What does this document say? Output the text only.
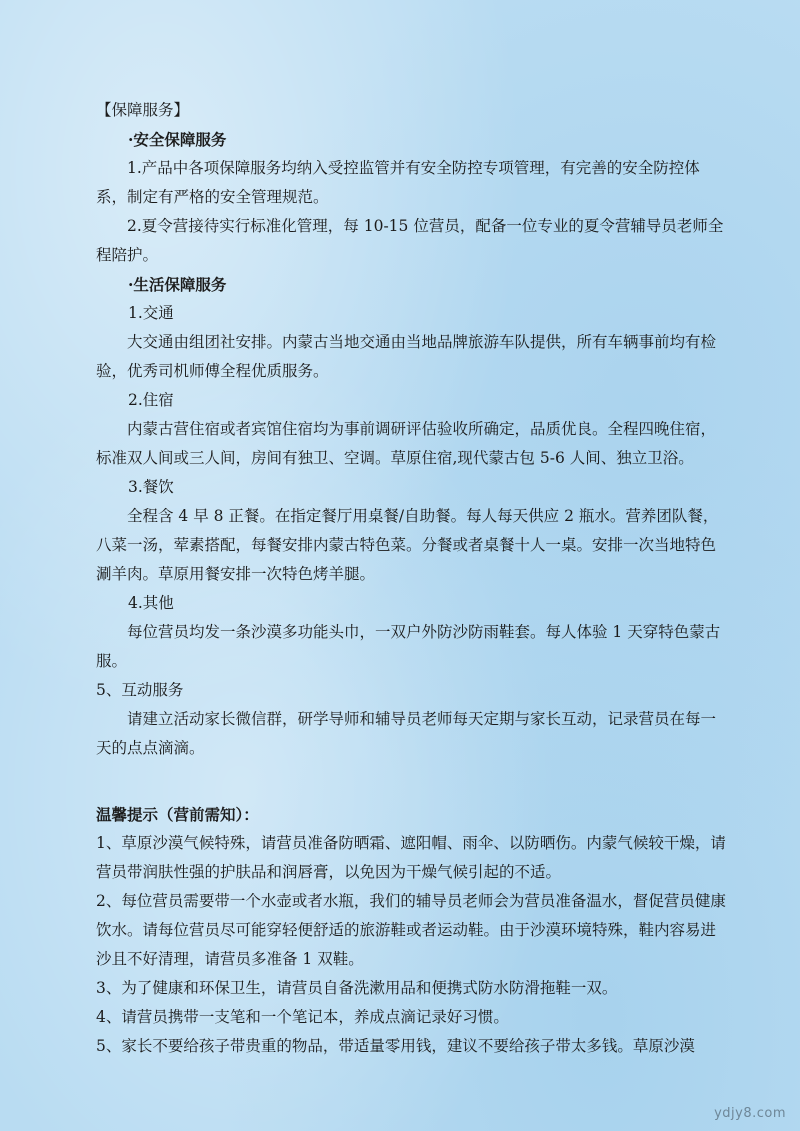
【保障服务】

·安全保障服务

1.产品中各项保障服务均纳入受控监管并有安全防控专项管理，有完善的安全防控体系，制定有严格的安全管理规范。

2.夏令营接待实行标准化管理，每 10-15 位营员，配备一位专业的夏令营辅导员老师全程陪护。

·生活保障服务

1.交通

大交通由组团社安排。内蒙古当地交通由当地品牌旅游车队提供，所有车辆事前均有检验，优秀司机师傅全程优质服务。

2.住宿

内蒙古营住宿或者宾馆住宿均为事前调研评估验收所确定，品质优良。全程四晚住宿，标准双人间或三人间，房间有独卫、空调。草原住宿,现代蒙古包 5-6 人间、独立卫浴。

3.餐饮

全程含 4 早 8 正餐。在指定餐厅用桌餐/自助餐。每人每天供应 2 瓶水。营养团队餐，八菜一汤，荤素搭配，每餐安排内蒙古特色菜。分餐或者桌餐十人一桌。安排一次当地特色涮羊肉。草原用餐安排一次特色烤羊腿。

4.其他

每位营员均发一条沙漠多功能头巾，一双户外防沙防雨鞋套。每人体验 1 天穿特色蒙古服。

5、互动服务

请建立活动家长微信群，研学导师和辅导员老师每天定期与家长互动，记录营员在每一天的点点滴滴。

温馨提示（营前需知）：

1、草原沙漠气候特殊，请营员准备防晒霜、遮阳帽、雨伞、以防晒伤。内蒙气候较干燥，请营员带润肤性强的护肤品和润唇膏，以免因为干燥气候引起的不适。

2、每位营员需要带一个水壶或者水瓶，我们的辅导员老师会为营员准备温水，督促营员健康饮水。请每位营员尽可能穿轻便舒适的旅游鞋或者运动鞋。由于沙漠环境特殊，鞋内容易进沙且不好清理，请营员多准备 1 双鞋。

3、为了健康和环保卫生，请营员自备洗漱用品和便携式防水防滑拖鞋一双。

4、请营员携带一支笔和一个笔记本，养成点滴记录好习惯。

5、家长不要给孩子带贵重的物品，带适量零用钱，建议不要给孩子带太多钱。草原沙漠

ydjy8.com
